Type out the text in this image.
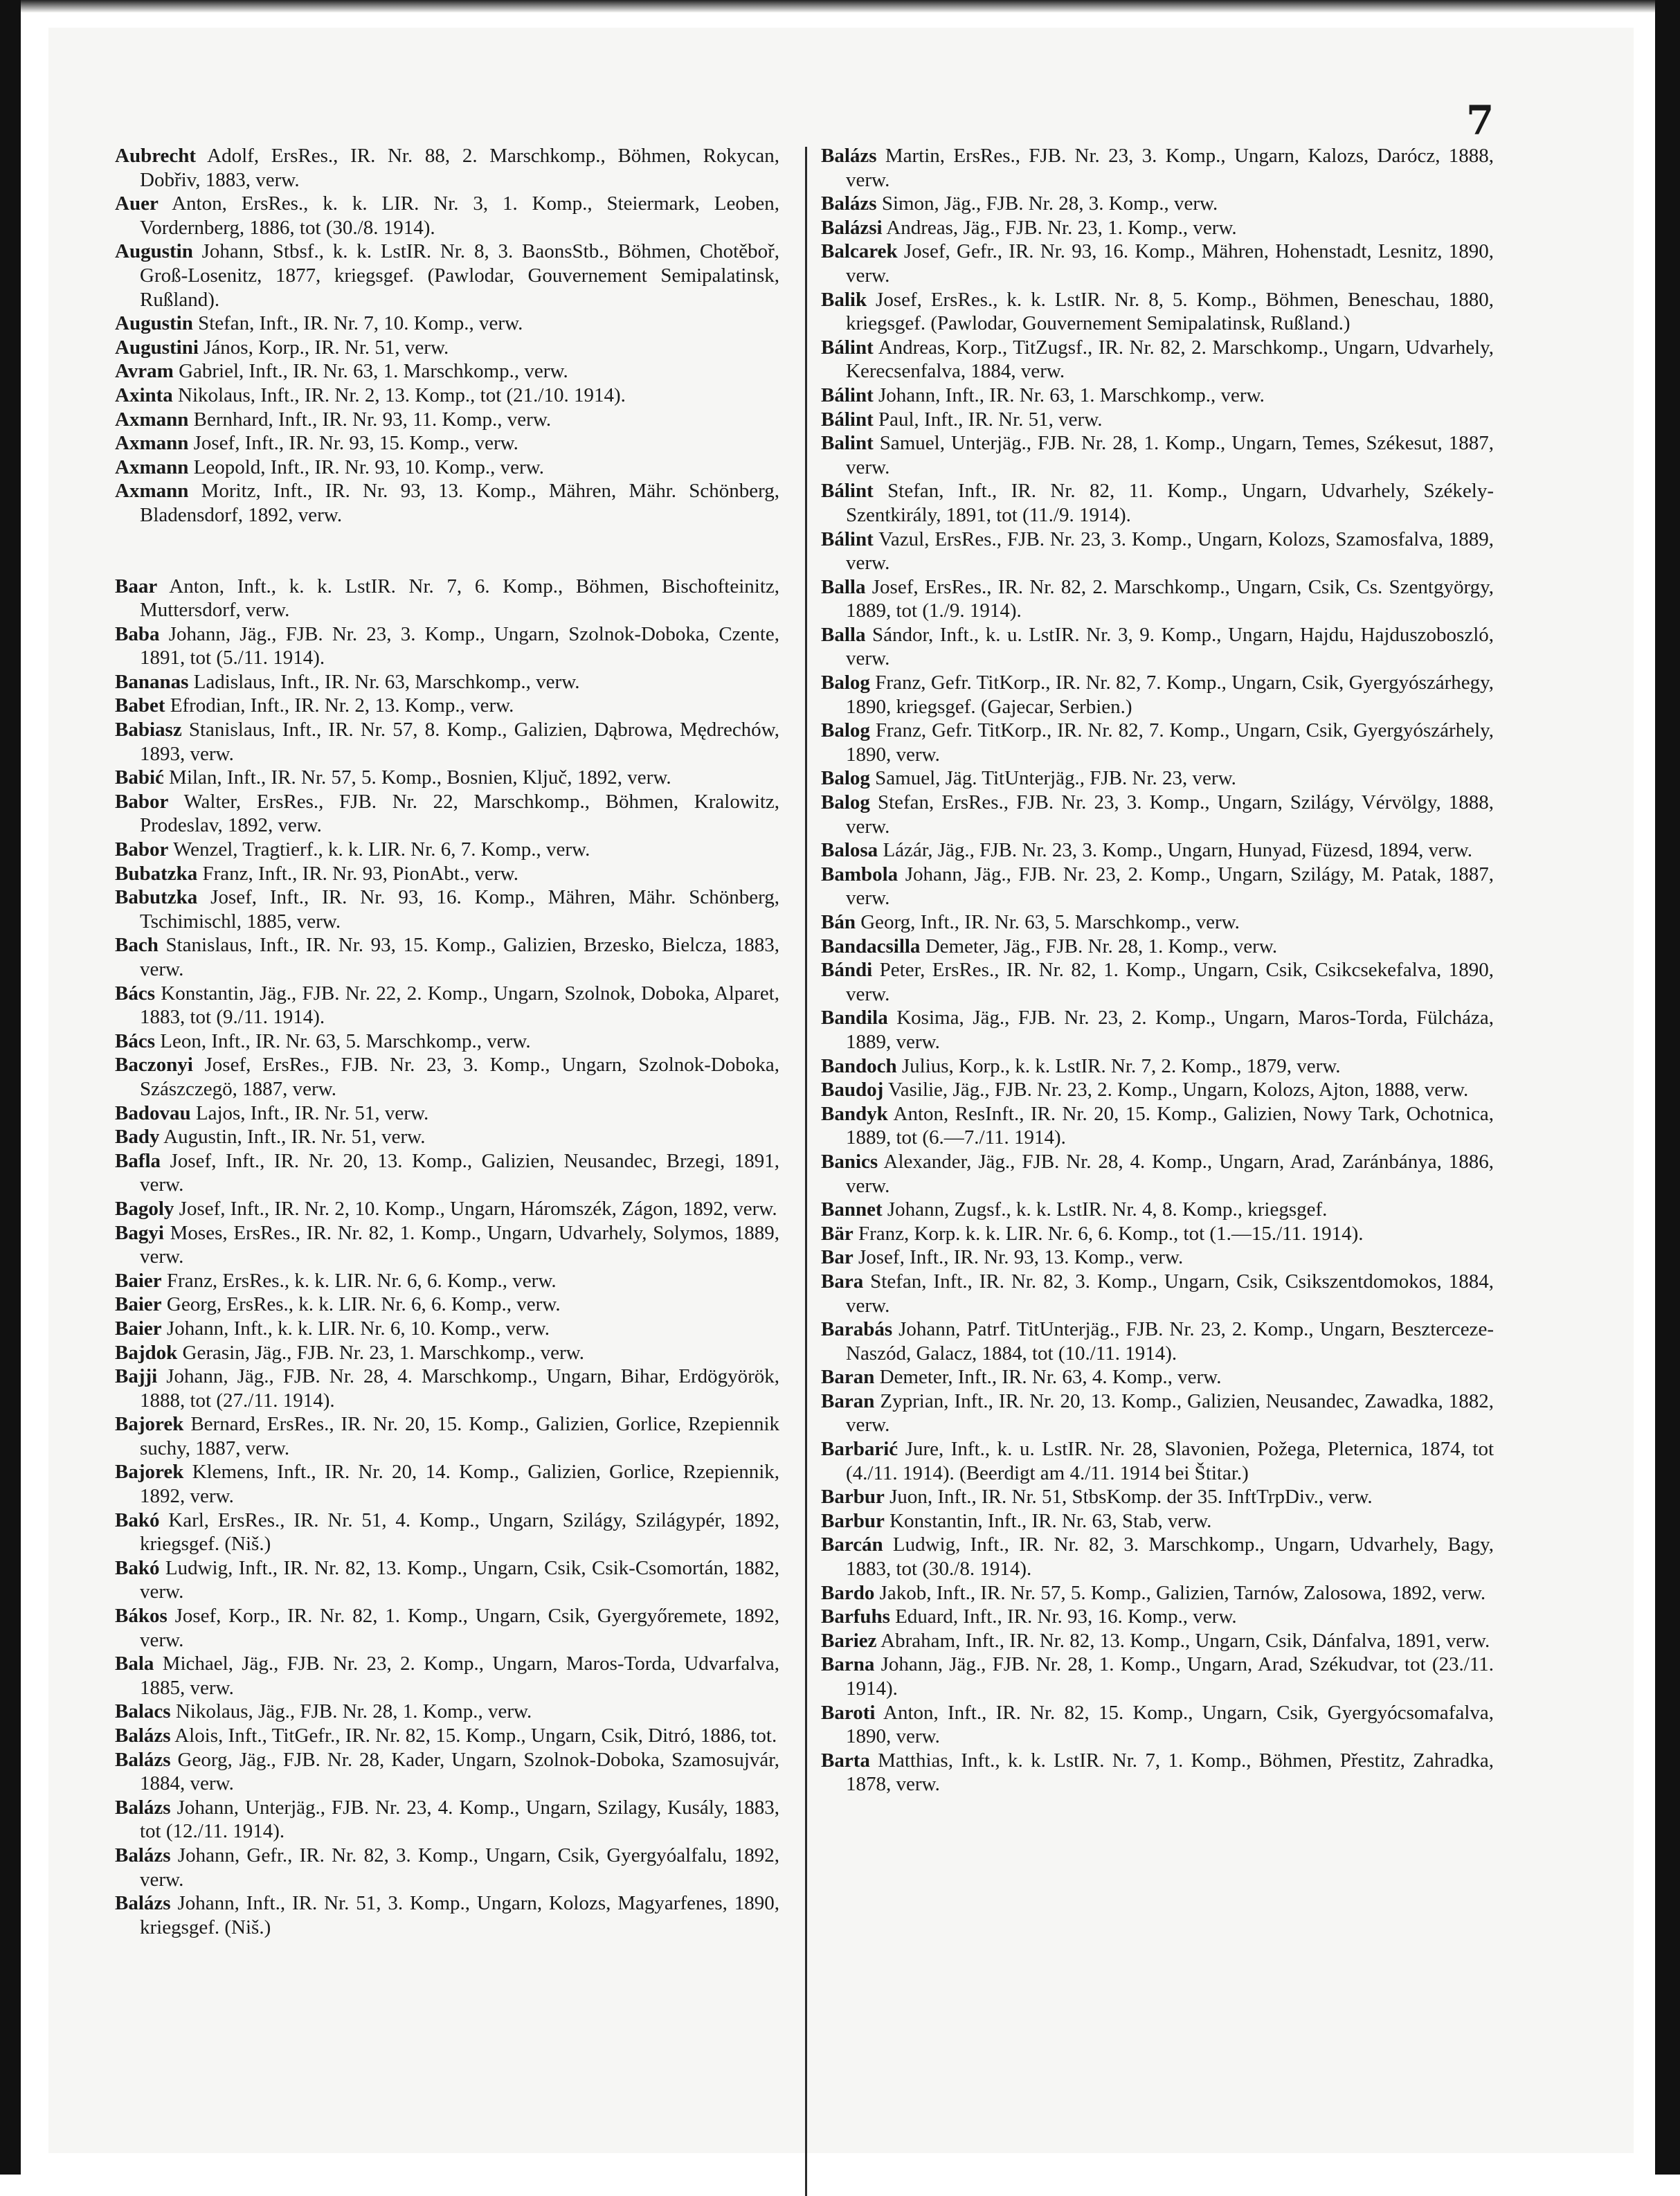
7

Aubrecht Adolf, ErsRes., IR. Nr. 88, 2. Marschkomp., Böhmen, Rokycan, Dobřiv, 1883, verw.

Auer Anton, ErsRes., k. k. LIR. Nr. 3, 1. Komp., Steiermark, Leoben, Vordernberg, 1886, tot (30./8. 1914).

Augustin Johann, Stbsf., k. k. LstIR. Nr. 8, 3. BaonsStb., Böhmen, Chotěboř, Groß-Losenitz, 1877, kriegsgef. (Pawlodar, Gouvernement Semipalatinsk, Rußland).

Augustin Stefan, Inft., IR. Nr. 7, 10. Komp., verw.

Augustini János, Korp., IR. Nr. 51, verw.

Avram Gabriel, Inft., IR. Nr. 63, 1. Marschkomp., verw.

Axinta Nikolaus, Inft., IR. Nr. 2, 13. Komp., tot (21./10. 1914).

Axmann Bernhard, Inft., IR. Nr. 93, 11. Komp., verw.

Axmann Josef, Inft., IR. Nr. 93, 15. Komp., verw.

Axmann Leopold, Inft., IR. Nr. 93, 10. Komp., verw.

Axmann Moritz, Inft., IR. Nr. 93, 13. Komp., Mähren, Mähr. Schönberg, Bladensdorf, 1892, verw.

Baar Anton, Inft., k. k. LstIR. Nr. 7, 6. Komp., Böhmen, Bischofteinitz, Muttersdorf, verw.

Baba Johann, Jäg., FJB. Nr. 23, 3. Komp., Ungarn, Szolnok-Doboka, Czente, 1891, tot (5./11. 1914).

Bananas Ladislaus, Inft., IR. Nr. 63, Marschkomp., verw.

Babet Efrodian, Inft., IR. Nr. 2, 13. Komp., verw.

Babiasz Stanislaus, Inft., IR. Nr. 57, 8. Komp., Galizien, Dąbrowa, Mędrechów, 1893, verw.

Babić Milan, Inft., IR. Nr. 57, 5. Komp., Bosnien, Ključ, 1892, verw.

Babor Walter, ErsRes., FJB. Nr. 22, Marschkomp., Böhmen, Kralowitz, Prodeslav, 1892, verw.

Babor Wenzel, Tragtierf., k. k. LIR. Nr. 6, 7. Komp., verw.

Bubatzka Franz, Inft., IR. Nr. 93, PionAbt., verw.

Babutzka Josef, Inft., IR. Nr. 93, 16. Komp., Mähren, Mähr. Schönberg, Tschimischl, 1885, verw.

Bach Stanislaus, Inft., IR. Nr. 93, 15. Komp., Galizien, Brzesko, Bielcza, 1883, verw.

Bács Konstantin, Jäg., FJB. Nr. 22, 2. Komp., Ungarn, Szolnok, Doboka, Alparet, 1883, tot (9./11. 1914).

Bács Leon, Inft., IR. Nr. 63, 5. Marschkomp., verw.

Baczonyi Josef, ErsRes., FJB. Nr. 23, 3. Komp., Ungarn, Szolnok-Doboka, Szászczegö, 1887, verw.

Badovau Lajos, Inft., IR. Nr. 51, verw.

Bady Augustin, Inft., IR. Nr. 51, verw.

Bafla Josef, Inft., IR. Nr. 20, 13. Komp., Galizien, Neusandec, Brzegi, 1891, verw.

Bagoly Josef, Inft., IR. Nr. 2, 10. Komp., Ungarn, Háromszék, Zágon, 1892, verw.

Bagyi Moses, ErsRes., IR. Nr. 82, 1. Komp., Ungarn, Udvarhely, Solymos, 1889, verw.

Baier Franz, ErsRes., k. k. LIR. Nr. 6, 6. Komp., verw.

Baier Georg, ErsRes., k. k. LIR. Nr. 6, 6. Komp., verw.

Baier Johann, Inft., k. k. LIR. Nr. 6, 10. Komp., verw.

Bajdok Gerasin, Jäg., FJB. Nr. 23, 1. Marschkomp., verw.

Bajji Johann, Jäg., FJB. Nr. 28, 4. Marschkomp., Ungarn, Bihar, Erdögyörök, 1888, tot (27./11. 1914).

Bajorek Bernard, ErsRes., IR. Nr. 20, 15. Komp., Galizien, Gorlice, Rzepiennik suchy, 1887, verw.

Bajorek Klemens, Inft., IR. Nr. 20, 14. Komp., Galizien, Gorlice, Rzepiennik, 1892, verw.

Bakó Karl, ErsRes., IR. Nr. 51, 4. Komp., Ungarn, Szilágy, Szilágypér, 1892, kriegsgef. (Niš.)

Bakó Ludwig, Inft., IR. Nr. 82, 13. Komp., Ungarn, Csik, Csik-Csomortán, 1882, verw.

Bákos Josef, Korp., IR. Nr. 82, 1. Komp., Ungarn, Csik, Gyergyőremete, 1892, verw.

Bala Michael, Jäg., FJB. Nr. 23, 2. Komp., Ungarn, Maros-Torda, Udvarfalva, 1885, verw.

Balacs Nikolaus, Jäg., FJB. Nr. 28, 1. Komp., verw.

Balázs Alois, Inft., TitGefr., IR. Nr. 82, 15. Komp., Ungarn, Csik, Ditró, 1886, tot.

Balázs Georg, Jäg., FJB. Nr. 28, Kader, Ungarn, Szolnok-Doboka, Szamosujvár, 1884, verw.

Balázs Johann, Unterjäg., FJB. Nr. 23, 4. Komp., Ungarn, Szilagy, Kusály, 1883, tot (12./11. 1914).

Balázs Johann, Gefr., IR. Nr. 82, 3. Komp., Ungarn, Csik, Gyergyóalfalu, 1892, verw.

Balázs Johann, Inft., IR. Nr. 51, 3. Komp., Ungarn, Kolozs, Magyarfenes, 1890, kriegsgef. (Niš.)

Balázs Martin, ErsRes., FJB. Nr. 23, 3. Komp., Ungarn, Kalozs, Darócz, 1888, verw.

Balázs Simon, Jäg., FJB. Nr. 28, 3. Komp., verw.

Balázsi Andreas, Jäg., FJB. Nr. 23, 1. Komp., verw.

Balcarek Josef, Gefr., IR. Nr. 93, 16. Komp., Mähren, Hohenstadt, Lesnitz, 1890, verw.

Balik Josef, ErsRes., k. k. LstIR. Nr. 8, 5. Komp., Böhmen, Beneschau, 1880, kriegsgef. (Pawlodar, Gouvernement Semipalatinsk, Rußland.)

Bálint Andreas, Korp., TitZugsf., IR. Nr. 82, 2. Marschkomp., Ungarn, Udvarhely, Kerecsenfalva, 1884, verw.

Bálint Johann, Inft., IR. Nr. 63, 1. Marschkomp., verw.

Bálint Paul, Inft., IR. Nr. 51, verw.

Balint Samuel, Unterjäg., FJB. Nr. 28, 1. Komp., Ungarn, Temes, Székesut, 1887, verw.

Bálint Stefan, Inft., IR. Nr. 82, 11. Komp., Ungarn, Udvarhely, Székely-Szentkirály, 1891, tot (11./9. 1914).

Bálint Vazul, ErsRes., FJB. Nr. 23, 3. Komp., Ungarn, Kolozs, Szamosfalva, 1889, verw.

Balla Josef, ErsRes., IR. Nr. 82, 2. Marschkomp., Ungarn, Csik, Cs. Szentgyörgy, 1889, tot (1./9. 1914).

Balla Sándor, Inft., k. u. LstIR. Nr. 3, 9. Komp., Ungarn, Hajdu, Hajduszoboszló, verw.

Balog Franz, Gefr. TitKorp., IR. Nr. 82, 7. Komp., Ungarn, Csik, Gyergyószárhegy, 1890, kriegsgef. (Gajecar, Serbien.)

Balog Franz, Gefr. TitKorp., IR. Nr. 82, 7. Komp., Ungarn, Csik, Gyergyószárhely, 1890, verw.

Balog Samuel, Jäg. TitUnterjäg., FJB. Nr. 23, verw.

Balog Stefan, ErsRes., FJB. Nr. 23, 3. Komp., Ungarn, Szilágy, Vérvölgy, 1888, verw.

Balosa Lázár, Jäg., FJB. Nr. 23, 3. Komp., Ungarn, Hunyad, Füzesd, 1894, verw.

Bambola Johann, Jäg., FJB. Nr. 23, 2. Komp., Ungarn, Szilágy, M. Patak, 1887, verw.

Bán Georg, Inft., IR. Nr. 63, 5. Marschkomp., verw.

Bandacsilla Demeter, Jäg., FJB. Nr. 28, 1. Komp., verw.

Bándi Peter, ErsRes., IR. Nr. 82, 1. Komp., Ungarn, Csik, Csikcsekefalva, 1890, verw.

Bandila Kosima, Jäg., FJB. Nr. 23, 2. Komp., Ungarn, Maros-Torda, Fülcháza, 1889, verw.

Bandoch Julius, Korp., k. k. LstIR. Nr. 7, 2. Komp., 1879, verw.

Baudoj Vasilie, Jäg., FJB. Nr. 23, 2. Komp., Ungarn, Kolozs, Ajton, 1888, verw.

Bandyk Anton, ResInft., IR. Nr. 20, 15. Komp., Galizien, Nowy Tark, Ochotnica, 1889, tot (6.—7./11. 1914).

Banics Alexander, Jäg., FJB. Nr. 28, 4. Komp., Ungarn, Arad, Zaránbánya, 1886, verw.

Bannet Johann, Zugsf., k. k. LstIR. Nr. 4, 8. Komp., kriegsgef.

Bär Franz, Korp. k. k. LIR. Nr. 6, 6. Komp., tot (1.—15./11. 1914).

Bar Josef, Inft., IR. Nr. 93, 13. Komp., verw.

Bara Stefan, Inft., IR. Nr. 82, 3. Komp., Ungarn, Csik, Csikszentdomokos, 1884, verw.

Barabás Johann, Patrf. TitUnterjäg., FJB. Nr. 23, 2. Komp., Ungarn, Beszterceze-Naszód, Galacz, 1884, tot (10./11. 1914).

Baran Demeter, Inft., IR. Nr. 63, 4. Komp., verw.

Baran Zyprian, Inft., IR. Nr. 20, 13. Komp., Galizien, Neusandec, Zawadka, 1882, verw.

Barbarić Jure, Inft., k. u. LstIR. Nr. 28, Slavonien, Požega, Pleternica, 1874, tot (4./11. 1914). (Beerdigt am 4./11. 1914 bei Štitar.)

Barbur Juon, Inft., IR. Nr. 51, StbsKomp. der 35. InftTrpDiv., verw.

Barbur Konstantin, Inft., IR. Nr. 63, Stab, verw.

Barcán Ludwig, Inft., IR. Nr. 82, 3. Marschkomp., Ungarn, Udvarhely, Bagy, 1883, tot (30./8. 1914).

Bardo Jakob, Inft., IR. Nr. 57, 5. Komp., Galizien, Tarnów, Zalosowa, 1892, verw.

Barfuhs Eduard, Inft., IR. Nr. 93, 16. Komp., verw.

Bariez Abraham, Inft., IR. Nr. 82, 13. Komp., Ungarn, Csik, Dánfalva, 1891, verw.

Barna Johann, Jäg., FJB. Nr. 28, 1. Komp., Ungarn, Arad, Székudvar, tot (23./11. 1914).

Baroti Anton, Inft., IR. Nr. 82, 15. Komp., Ungarn, Csik, Gyergyócsomafalva, 1890, verw.

Barta Matthias, Inft., k. k. LstIR. Nr. 7, 1. Komp., Böhmen, Přestitz, Zahradka, 1878, verw.
